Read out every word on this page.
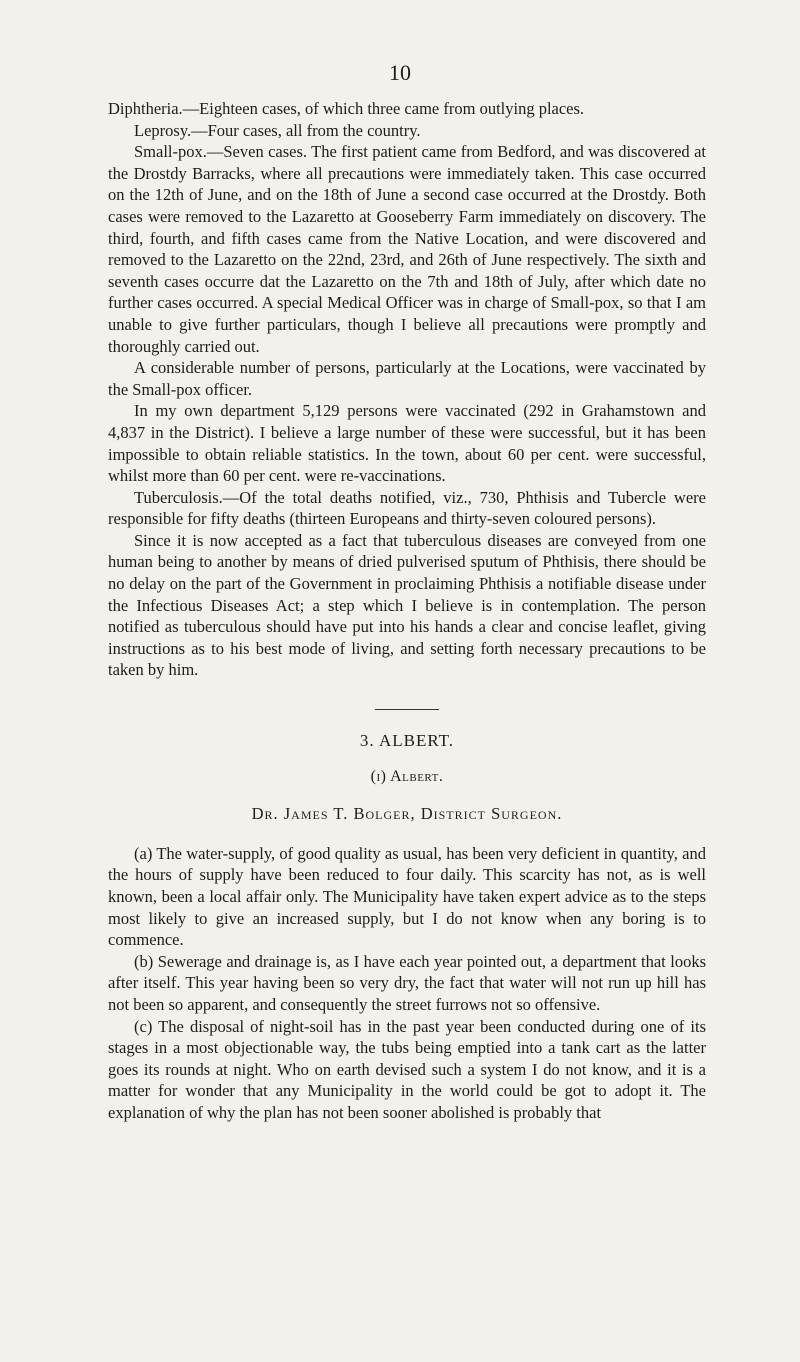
10

Diphtheria.—Eighteen cases, of which three came from outlying places.

Leprosy.—Four cases, all from the country.

Small-pox.—Seven cases. The first patient came from Bedford, and was discovered at the Drostdy Barracks, where all precautions were immediately taken. This case occurred on the 12th of June, and on the 18th of June a second case occurred at the Drostdy. Both cases were removed to the Lazaretto at Gooseberry Farm immediately on discovery. The third, fourth, and fifth cases came from the Native Location, and were discovered and removed to the Lazaretto on the 22nd, 23rd, and 26th of June respectively. The sixth and seventh cases occurre dat the Lazaretto on the 7th and 18th of July, after which date no further cases occurred. A special Medical Officer was in charge of Small-pox, so that I am unable to give further particulars, though I believe all precautions were promptly and thoroughly carried out.

A considerable number of persons, particularly at the Locations, were vaccinated by the Small-pox officer.

In my own department 5,129 persons were vaccinated (292 in Grahamstown and 4,837 in the District). I believe a large number of these were successful, but it has been impossible to obtain reliable statistics. In the town, about 60 per cent. were successful, whilst more than 60 per cent. were re-vaccinations.

Tuberculosis.—Of the total deaths notified, viz., 730, Phthisis and Tubercle were responsible for fifty deaths (thirteen Europeans and thirty-seven coloured persons).

Since it is now accepted as a fact that tuberculous diseases are conveyed from one human being to another by means of dried pulverised sputum of Phthisis, there should be no delay on the part of the Government in proclaiming Phthisis a notifiable disease under the Infectious Diseases Act; a step which I believe is in contemplation. The person notified as tuberculous should have put into his hands a clear and concise leaflet, giving instructions as to his best mode of living, and setting forth necessary precautions to be taken by him.

3. ALBERT.
(i) Albert.
Dr. James T. Bolger, District Surgeon.

(a) The water-supply, of good quality as usual, has been very deficient in quantity, and the hours of supply have been reduced to four daily. This scarcity has not, as is well known, been a local affair only. The Municipality have taken expert advice as to the steps most likely to give an increased supply, but I do not know when any boring is to commence.

(b) Sewerage and drainage is, as I have each year pointed out, a department that looks after itself. This year having been so very dry, the fact that water will not run up hill has not been so apparent, and consequently the street furrows not so offensive.

(c) The disposal of night-soil has in the past year been conducted during one of its stages in a most objectionable way, the tubs being emptied into a tank cart as the latter goes its rounds at night. Who on earth devised such a system I do not know, and it is a matter for wonder that any Municipality in the world could be got to adopt it. The explanation of why the plan has not been sooner abolished is probably that
